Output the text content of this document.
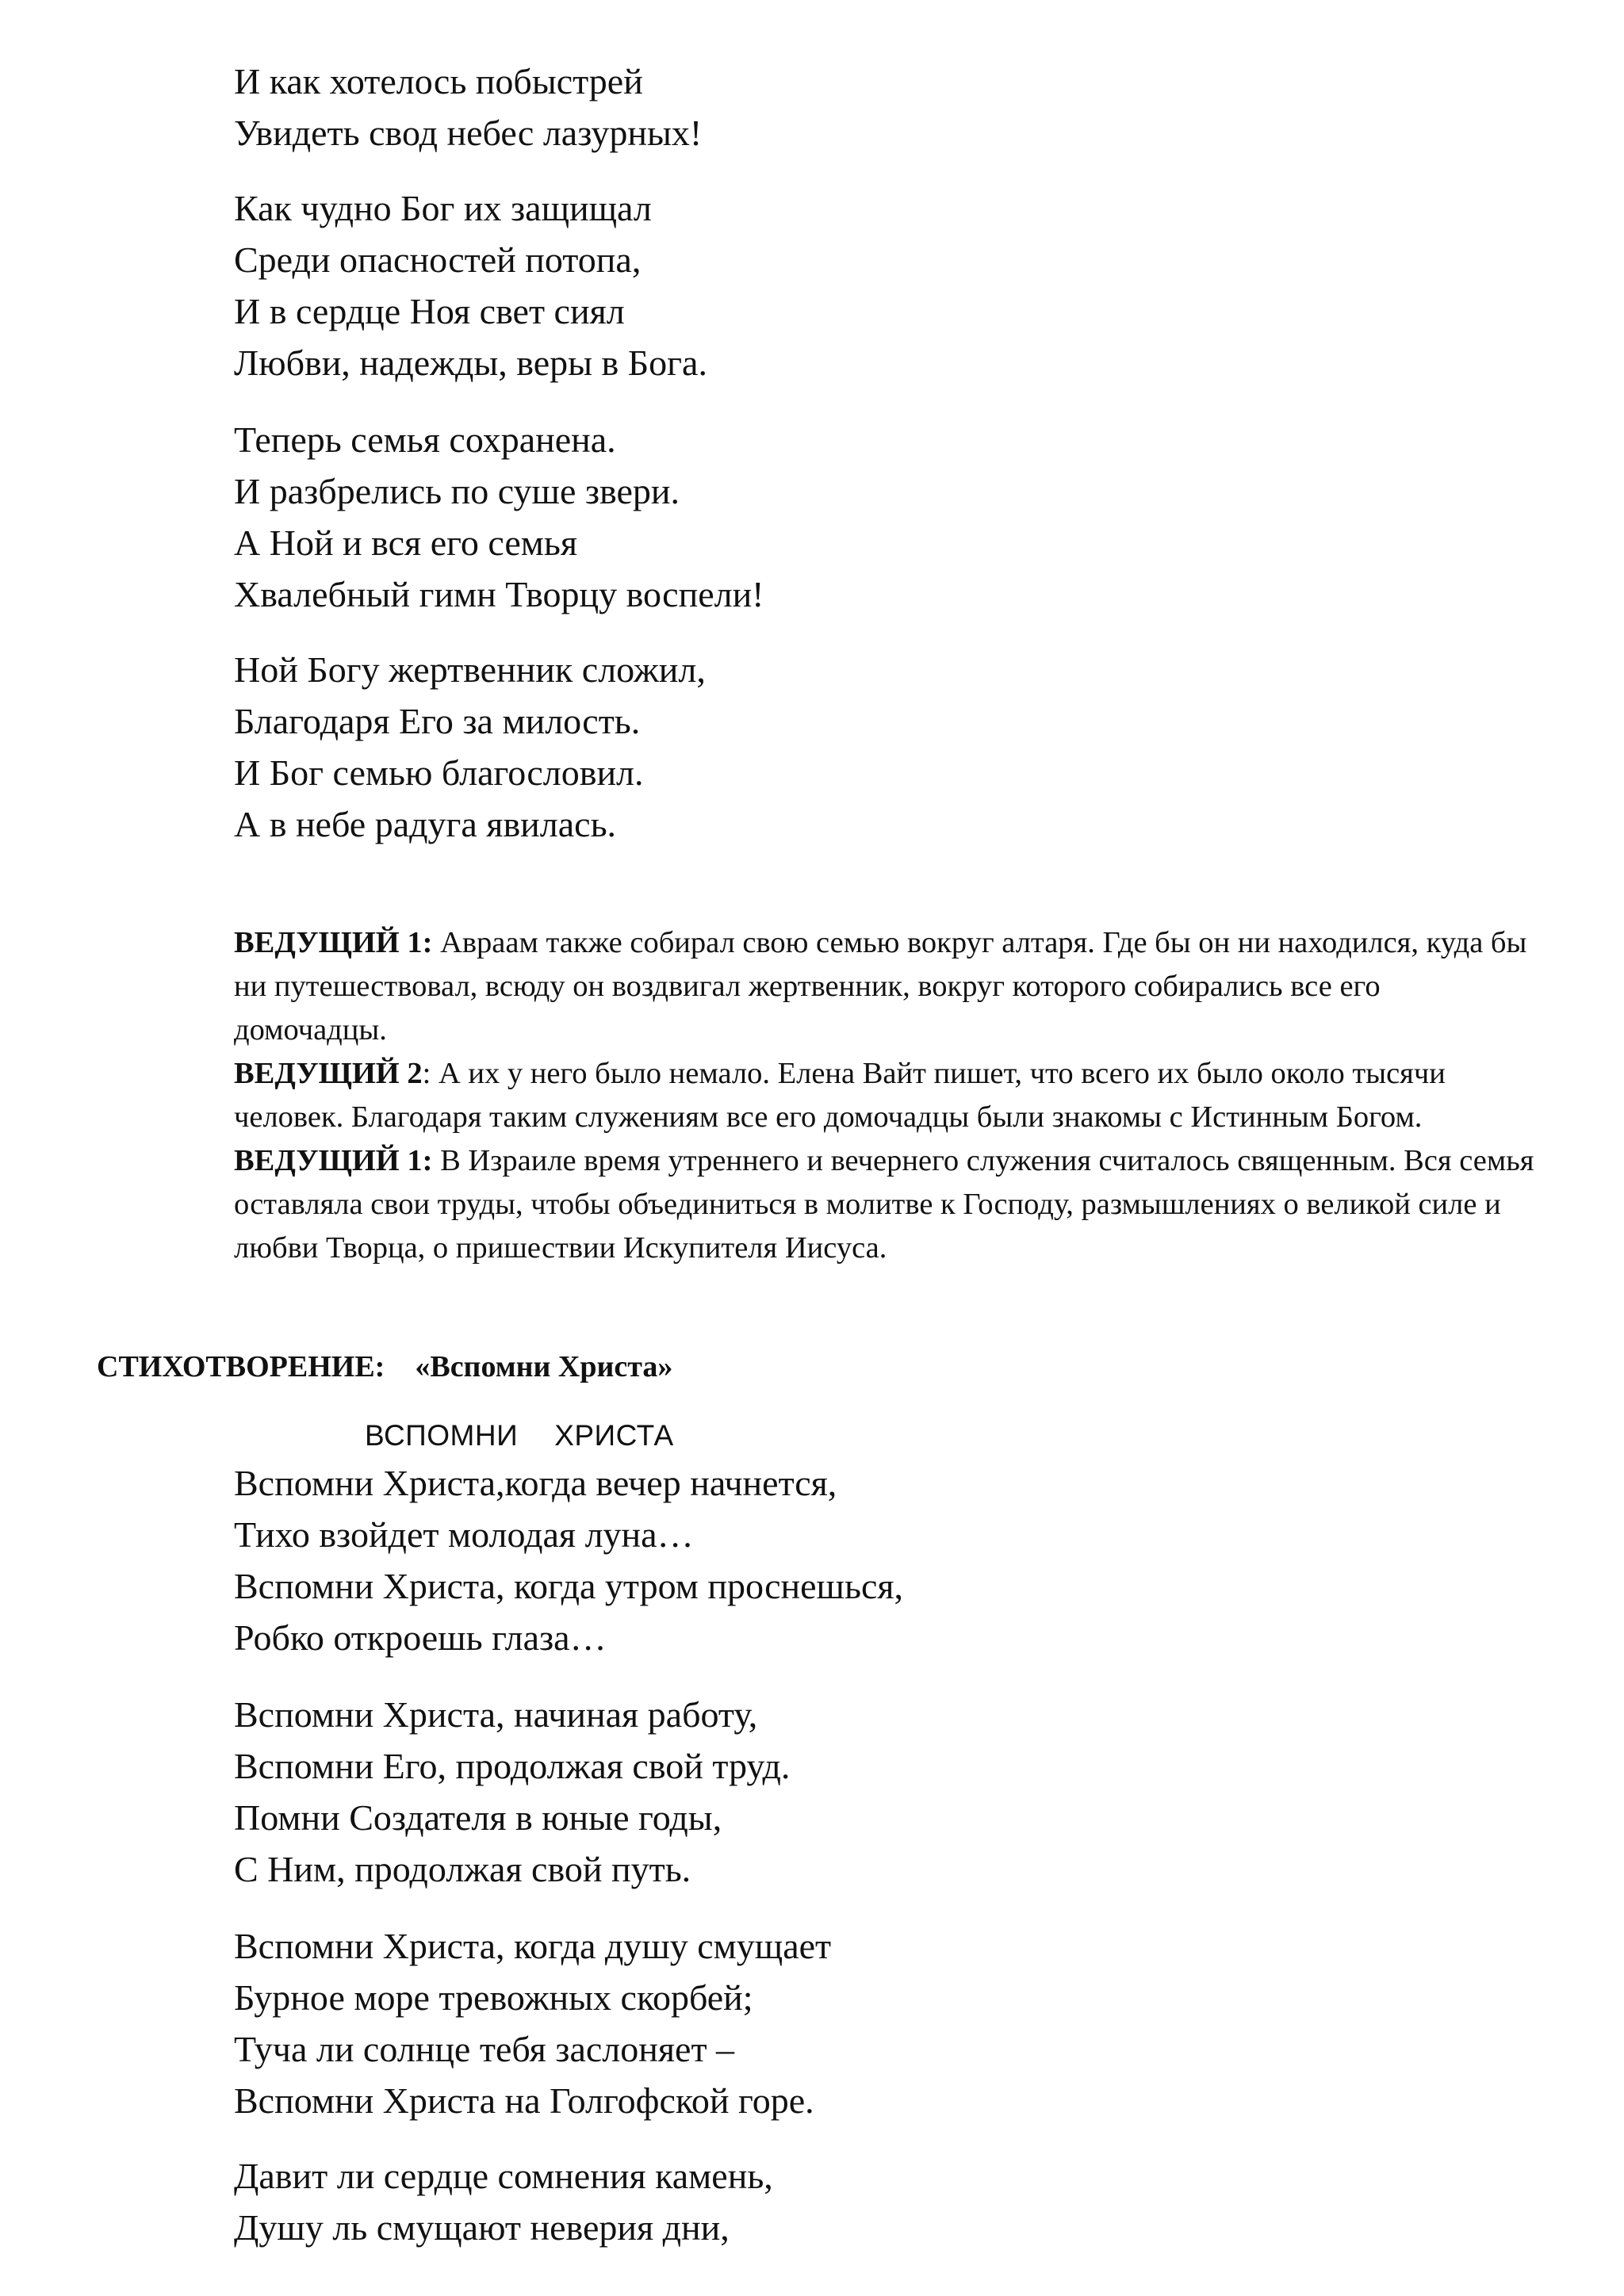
И как хотелось побыстрей
Увидеть свод небес лазурных!
Как чудно Бог их защищал
Среди опасностей потопа,
И в сердце Ноя свет сиял
Любви, надежды, веры в Бога.
Теперь семья сохранена.
И разбрелись по суше звери.
А Ной и вся его семья
Хвалебный гимн Творцу воспели!
Ной Богу жертвенник сложил,
Благодаря Его за милость.
И Бог семью благословил.
А в небе радуга явилась.

ВЕДУЩИЙ 1: Авраам также собирал свою семью вокруг алтаря. Где бы он ни находился, куда бы ни путешествовал, всюду он воздвигал жертвенник, вокруг которого собирались все его домочадцы.

ВЕДУЩИЙ 2: А их у него было немало. Елена Вайт пишет, что всего их было около тысячи человек. Благодаря таким служениям все его домочадцы были знакомы с Истинным Богом.

ВЕДУЩИЙ 1: В Израиле время утреннего и вечернего служения считалось священным. Вся семья оставляла свои труды, чтобы объединиться в молитве к Господу, размышлениях о великой силе и любви Творца, о пришествии Искупителя Иисуса.

СТИХОТВОРЕНИЕ: «Вспомни Христа»
ВСПОМНИ ХРИСТА
Вспомни Христа,когда вечер начнется,
Тихо взойдет молодая луна…
Вспомни Христа, когда утром проснешься,
Робко откроешь глаза…
Вспомни Христа, начиная работу,
Вспомни Его, продолжая свой труд.
Помни Создателя в юные годы,
С Ним, продолжая свой путь.
Вспомни Христа, когда душу смущает
Бурное море тревожных скорбей;
Туча ли солнце тебя заслоняет –
Вспомни Христа на Голгофской горе.
Давит ли сердце сомнения камень,
Душу ль смущают неверия дни,
